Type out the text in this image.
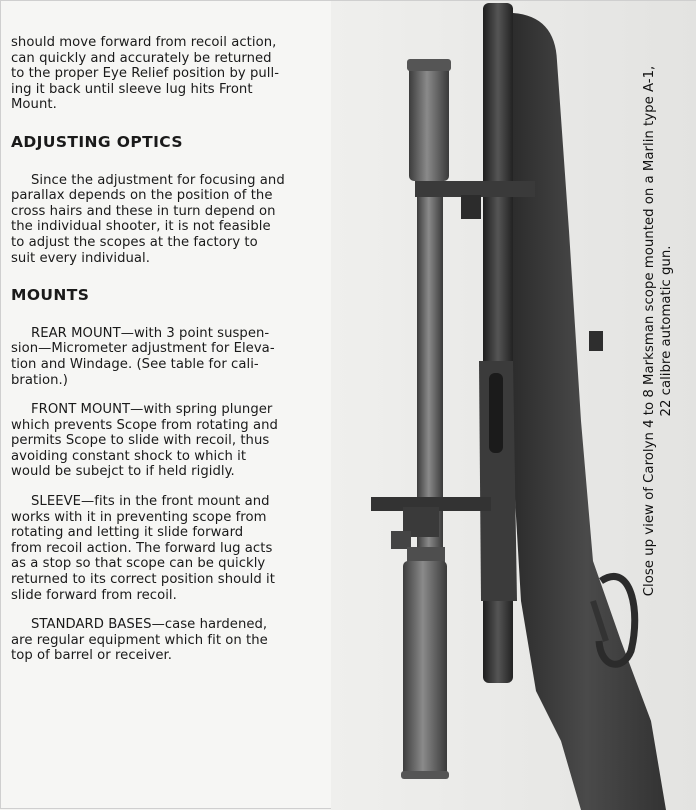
should move forward from recoil action,

can quickly and accurately be returned

to the proper Eye Relief position by pull-

ing it back until sleeve lug hits Front

Mount.

ADJUSTING OPTICS

Since the adjustment for focusing and

parallax depends on the position of the

cross hairs and these in turn depend on

the individual shooter, it is not feasible

to adjust the scopes at the factory to

suit every individual.

MOUNTS

REAR MOUNT—with 3 point suspen-

sion—Micrometer adjustment for Eleva-

tion and Windage. (See table for cali-

bration.)

FRONT MOUNT—with spring plunger

which prevents Scope from rotating and

permits Scope to slide with recoil, thus

avoiding constant shock to which it

would be subejct to if held rigidly.

SLEEVE—fits in the front mount and

works with it in preventing scope from

rotating and letting it slide forward

from recoil action. The forward lug acts

as a stop so that scope can be quickly

returned to its correct position should it

slide forward from recoil.

STANDARD BASES—case hardened,

are regular equipment which fit on the

top of barrel or receiver.

Close up view of Carolyn 4 to 8 Marksman scope mounted on a Marlin type A-1, 22 calibre automatic gun.
